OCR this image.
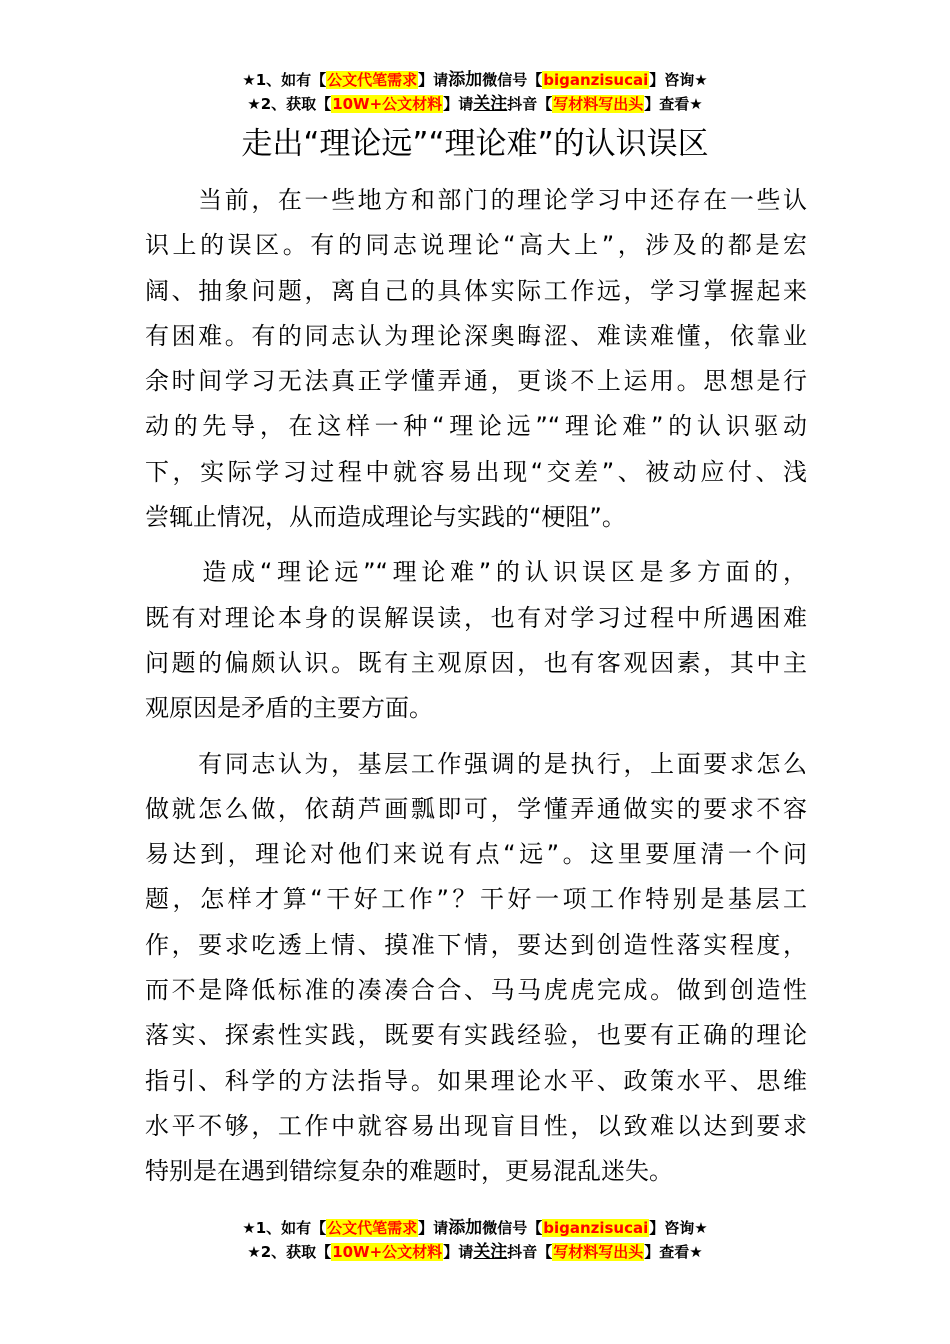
★1、如有【公文代笔需求】请添加微信号【biganzisucai】咨询★
★2、获取【10W+公文材料】请关注抖音【写材料写出头】查看★
走出“理论远”“理论难”的认识误区
　　当前，在一些地方和部门的理论学习中还存在一些认
识上的误区。有的同志说理论“高大上”，涉及的都是宏
阔、抽象问题，离自己的具体实际工作远，学习掌握起来
有困难。有的同志认为理论深奥晦涩、难读难懂，依靠业
余时间学习无法真正学懂弄通，更谈不上运用。思想是行
动的先导，在这样一种“理论远”“理论难”的认识驱动
下，实际学习过程中就容易出现“交差”、被动应付、浅
尝辄止情况，从而造成理论与实践的“梗阻”。
　　造成“理论远”“理论难”的认识误区是多方面的，
既有对理论本身的误解误读，也有对学习过程中所遇困难
问题的偏颇认识。既有主观原因，也有客观因素，其中主
观原因是矛盾的主要方面。
　　有同志认为，基层工作强调的是执行，上面要求怎么
做就怎么做，依葫芦画瓢即可，学懂弄通做实的要求不容
易达到，理论对他们来说有点“远”。这里要厘清一个问
题，怎样才算“干好工作”？干好一项工作特别是基层工
作，要求吃透上情、摸准下情，要达到创造性落实程度，
而不是降低标准的凑凑合合、马马虎虎完成。做到创造性
落实、探索性实践，既要有实践经验，也要有正确的理论
指引、科学的方法指导。如果理论水平、政策水平、思维
水平不够，工作中就容易出现盲目性，以致难以达到要求
特别是在遇到错综复杂的难题时，更易混乱迷失。
★1、如有【公文代笔需求】请添加微信号【biganzisucai】咨询★
★2、获取【10W+公文材料】请关注抖音【写材料写出头】查看★
